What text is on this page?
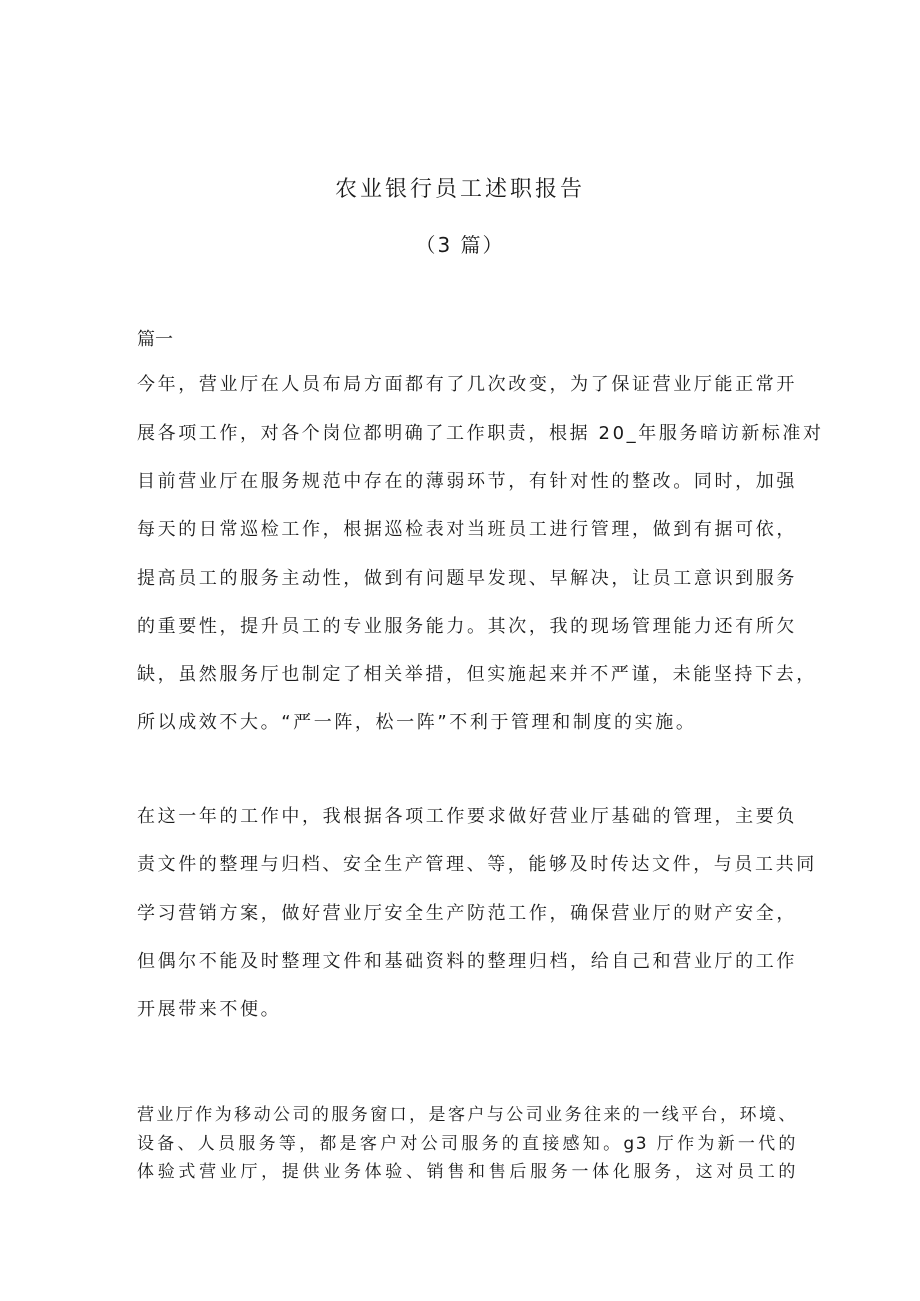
农业银行员工述职报告
（3 篇）
篇一

今年，营业厅在人员布局方面都有了几次改变，为了保证营业厅能正常开

展各项工作，对各个岗位都明确了工作职责，根据 20_年服务暗访新标准对

目前营业厅在服务规范中存在的薄弱环节，有针对性的整改。同时，加强

每天的日常巡检工作，根据巡检表对当班员工进行管理，做到有据可依，

提高员工的服务主动性，做到有问题早发现、早解决，让员工意识到服务

的重要性，提升员工的专业服务能力。其次，我的现场管理能力还有所欠

缺，虽然服务厅也制定了相关举措，但实施起来并不严谨，未能坚持下去，

所以成效不大。“严一阵，松一阵”不利于管理和制度的实施。

在这一年的工作中，我根据各项工作要求做好营业厅基础的管理，主要负

责文件的整理与归档、安全生产管理、等，能够及时传达文件，与员工共同

学习营销方案，做好营业厅安全生产防范工作，确保营业厅的财产安全，

但偶尔不能及时整理文件和基础资料的整理归档，给自己和营业厅的工作

开展带来不便。

营业厅作为移动公司的服务窗口，是客户与公司业务往来的一线平台，环境、

设备、人员服务等，都是客户对公司服务的直接感知。g3 厅作为新一代的

体验式营业厅，提供业务体验、销售和售后服务一体化服务，这对员工的
